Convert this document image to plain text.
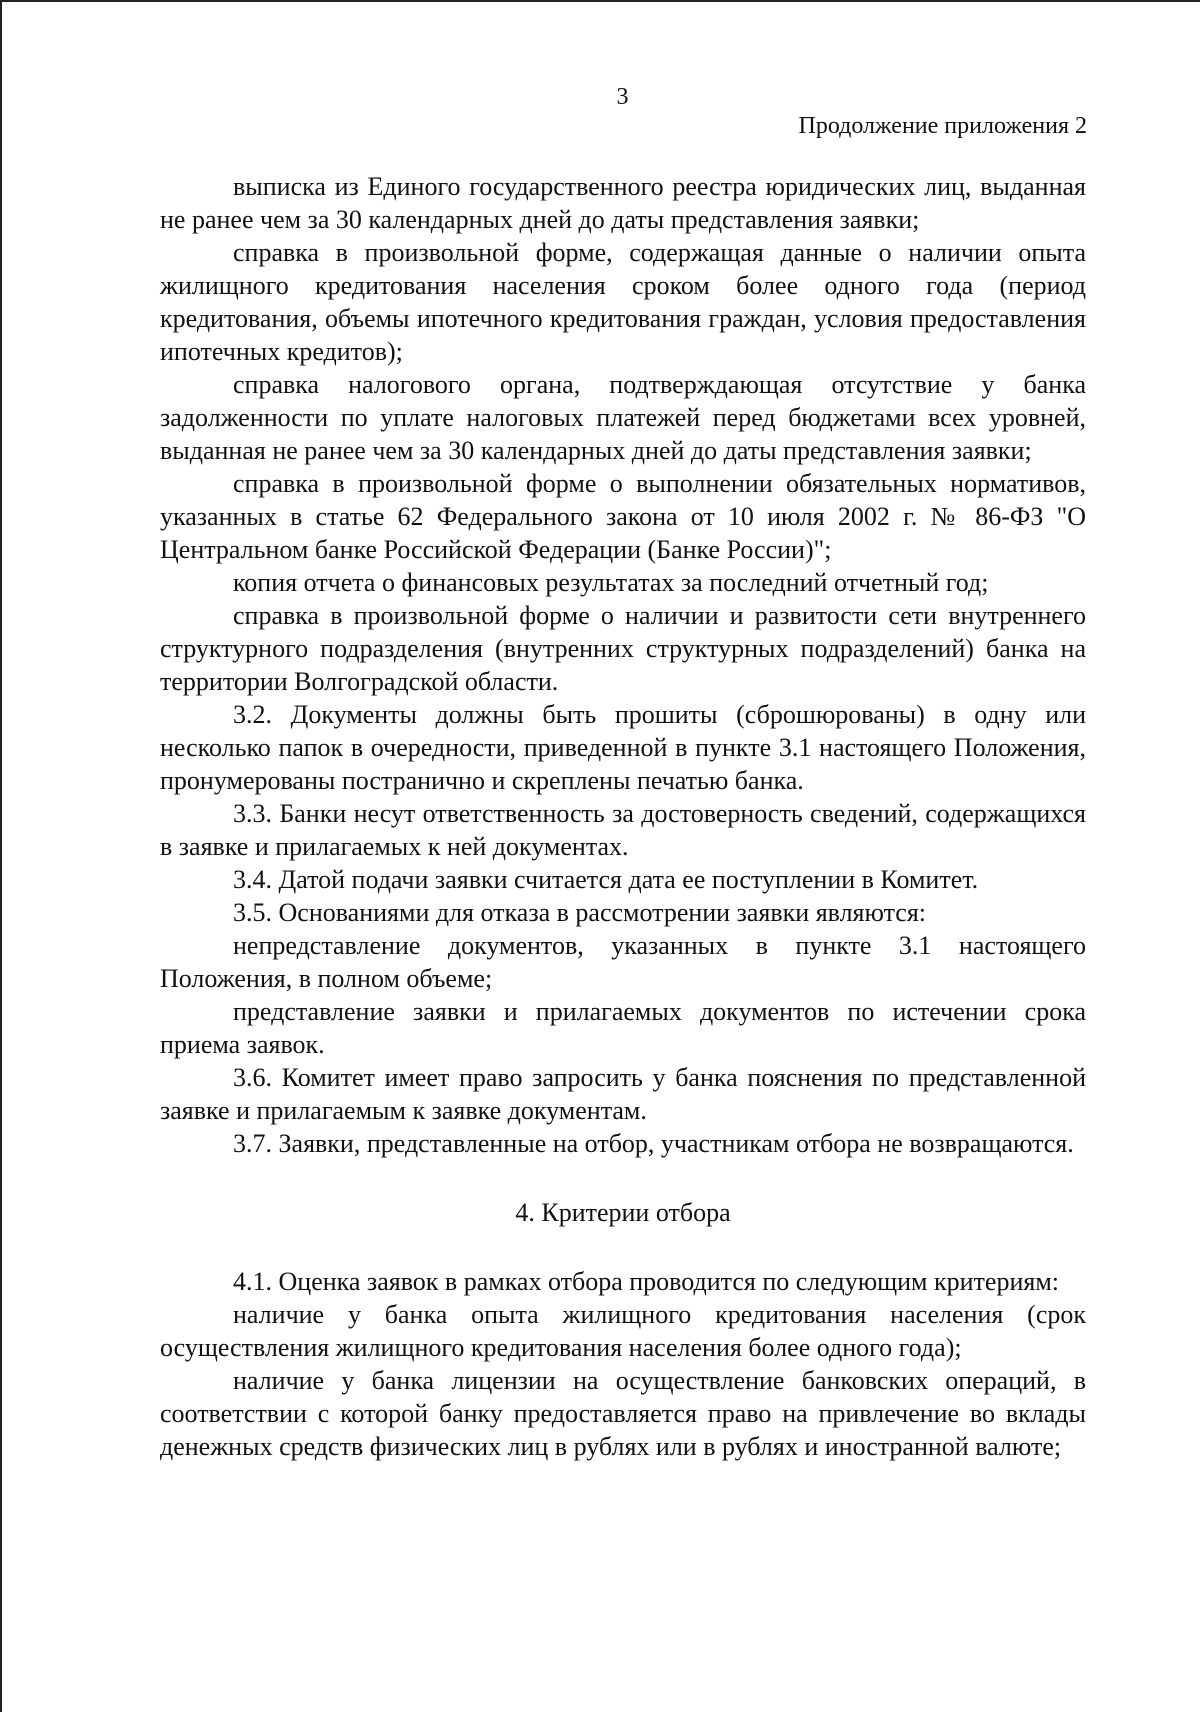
3
Продолжение приложения 2

выписка из Единого государственного реестра юридических лиц, выданная не ранее чем за 30 календарных дней до даты представления заявки;

справка в произвольной форме, содержащая данные о наличии опыта жилищного кредитования населения сроком более одного года (период кредитования, объемы ипотечного кредитования граждан, условия предоставления ипотечных кредитов);

справка налогового органа, подтверждающая отсутствие у банка задолженности по уплате налоговых платежей перед бюджетами всех уровней, выданная не ранее чем за 30 календарных дней до даты представления заявки;

справка в произвольной форме о выполнении обязательных нормативов, указанных в статье 62 Федерального закона от 10 июля 2002 г. № 86-ФЗ "О Центральном банке Российской Федерации (Банке России)";

копия отчета о финансовых результатах за последний отчетный год;

справка в произвольной форме о наличии и развитости сети внутреннего структурного подразделения (внутренних структурных подразделений) банка на территории Волгоградской области.

3.2. Документы должны быть прошиты (сброшюрованы) в одну или несколько папок в очередности, приведенной в пункте 3.1 настоящего Положения, пронумерованы постранично и скреплены печатью банка.

3.3. Банки несут ответственность за достоверность сведений, содержащихся в заявке и прилагаемых к ней документах.

3.4. Датой подачи заявки считается дата ее поступлении в Комитет.

3.5. Основаниями для отказа в рассмотрении заявки являются:

непредставление документов, указанных в пункте 3.1 настоящего Положения, в полном объеме;

представление заявки и прилагаемых документов по истечении срока приема заявок.

3.6. Комитет имеет право запросить у банка пояснения по представленной заявке и прилагаемым к заявке документам.

3.7. Заявки, представленные на отбор, участникам отбора не возвращаются.

4. Критерии отбора

4.1. Оценка заявок в рамках отбора проводится по следующим критериям:

наличие у банка опыта жилищного кредитования населения (срок осуществления жилищного кредитования населения более одного года);

наличие у банка лицензии на осуществление банковских операций, в соответствии с которой банку предоставляется право на привлечение во вклады денежных средств физических лиц в рублях или в рублях и иностранной валюте;
